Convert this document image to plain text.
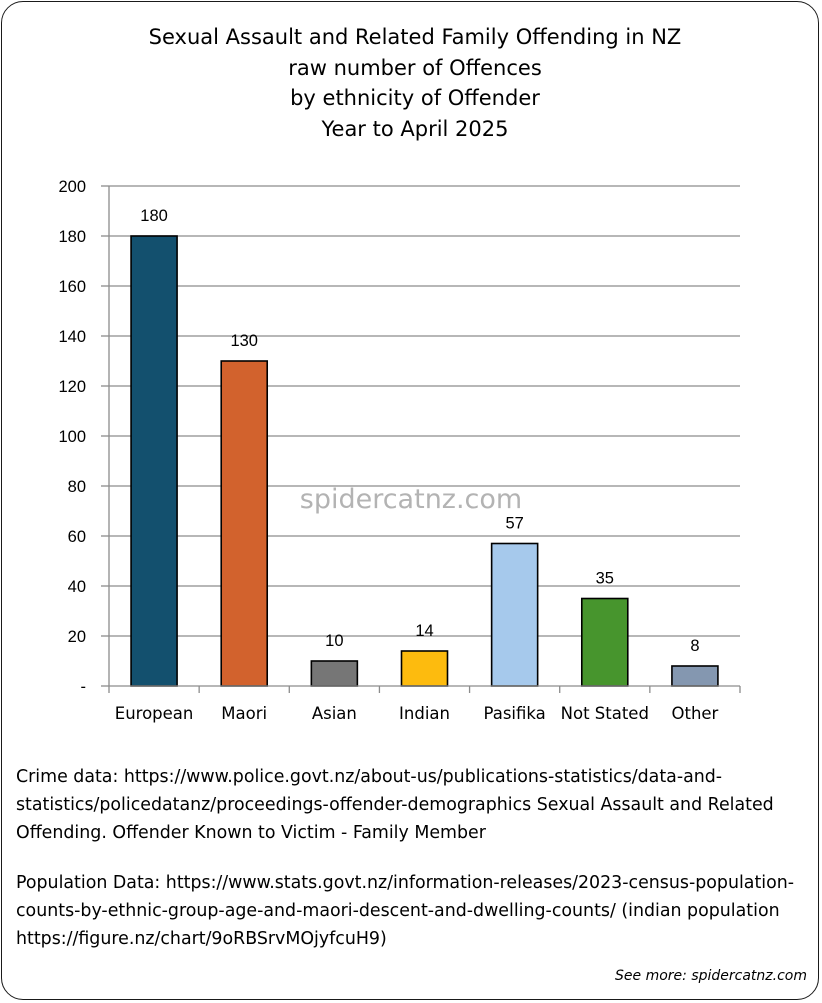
Sexual Assault and Related Family Offending in NZ
raw number of Offences
by ethnicity of Offender
Year to April 2025
-
20
40
60
80
100
120
140
160
180
200
spidercatnz.com
180
European
130
Maori
10
Asian
14
Indian
57
Pasifika
35
Not Stated
8
Other
Crime data: https://www.police.govt.nz/about-us/publications-statistics/data-and-statistics/policedatanz/proceedings-offender-demographics Sexual Assault and Related Offending. Offender Known to Victim - Family Member
Population Data: https://www.stats.govt.nz/information-releases/2023-census-population-counts-by-ethnic-group-age-and-maori-descent-and-dwelling-counts/ (indian population https://figure.nz/chart/9oRBSrvMOjyfcuH9)
See more: spidercatnz.com
